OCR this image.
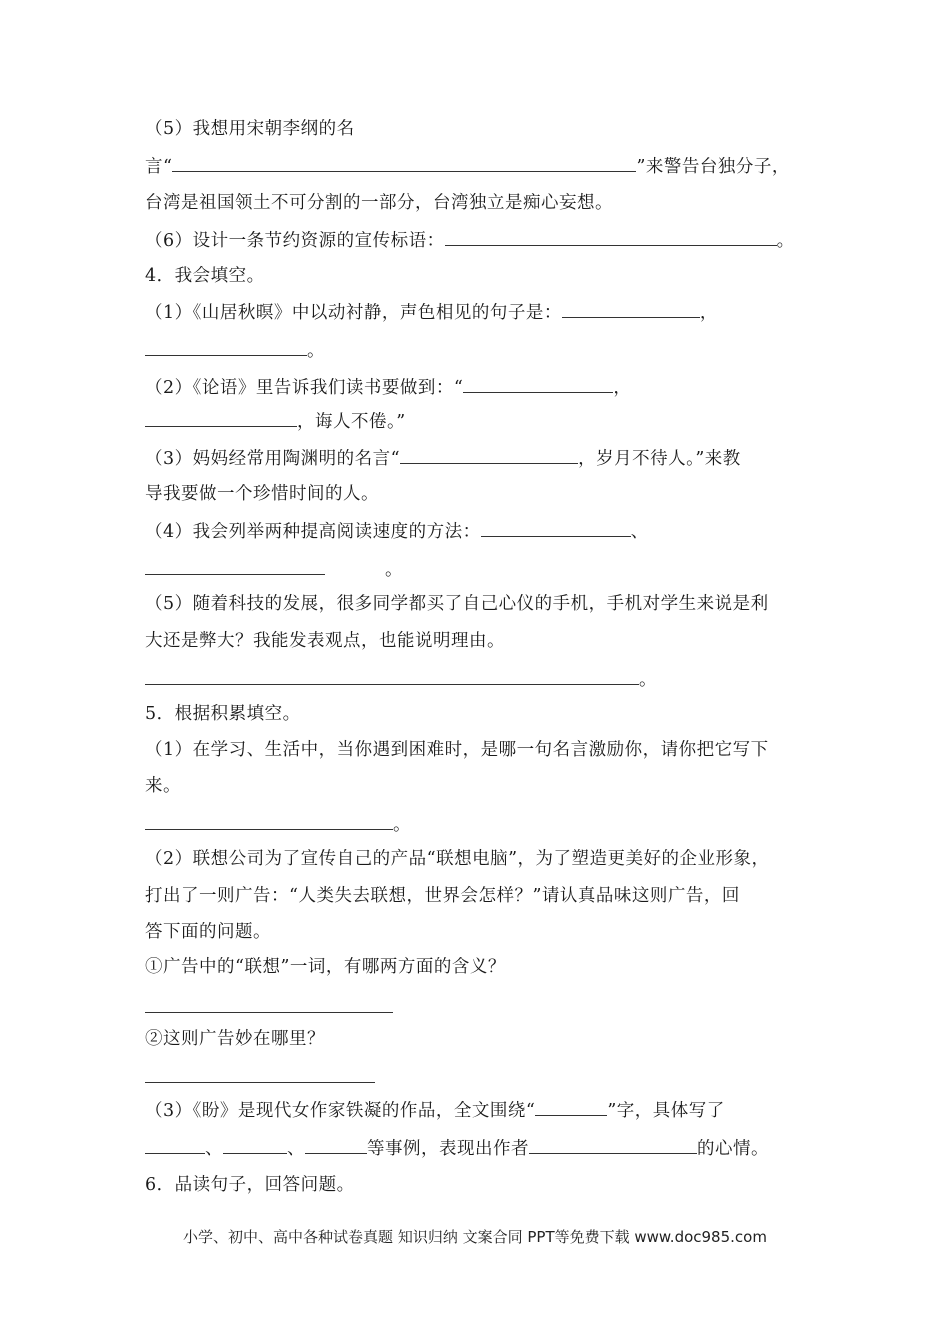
（5）我想用宋朝李纲的名
言“	”来警告台独分子，
台湾是祖国领土不可分割的一部分，台湾独立是痴心妄想。
（6）设计一条节约资源的宣传标语：	。
4．我会填空。
（1）《山居秋暝》中以动衬静，声色相见的句子是：	，
。
（2）《论语》里告诉我们读书要做到：“	，
，诲人不倦。”
（3）妈妈经常用陶渊明的名言“	，岁月不待人。”来教
导我要做一个珍惜时间的人。
（4）我会列举两种提高阅读速度的方法：	、
。
（5）随着科技的发展，很多同学都买了自己心仪的手机，手机对学生来说是利
大还是弊大？我能发表观点，也能说明理由。
。
5．根据积累填空。
（1）在学习、生活中，当你遇到困难时，是哪一句名言激励你，请你把它写下
来。
。
（2）联想公司为了宣传自己的产品“联想电脑”，为了塑造更美好的企业形象，
打出了一则广告：“人类失去联想，世界会怎样？”请认真品味这则广告，回
答下面的问题。
①广告中的“联想”一词，有哪两方面的含义？
②这则广告妙在哪里？
（3）《盼》是现代女作家铁凝的作品，全文围绕“	”字，具体写了
、	、	等事例，表现出作者	的心情。
6．品读句子，回答问题。
小学、初中、高中各种试卷真题 知识归纳 文案合同 PPT等免费下载 www.doc985.com
